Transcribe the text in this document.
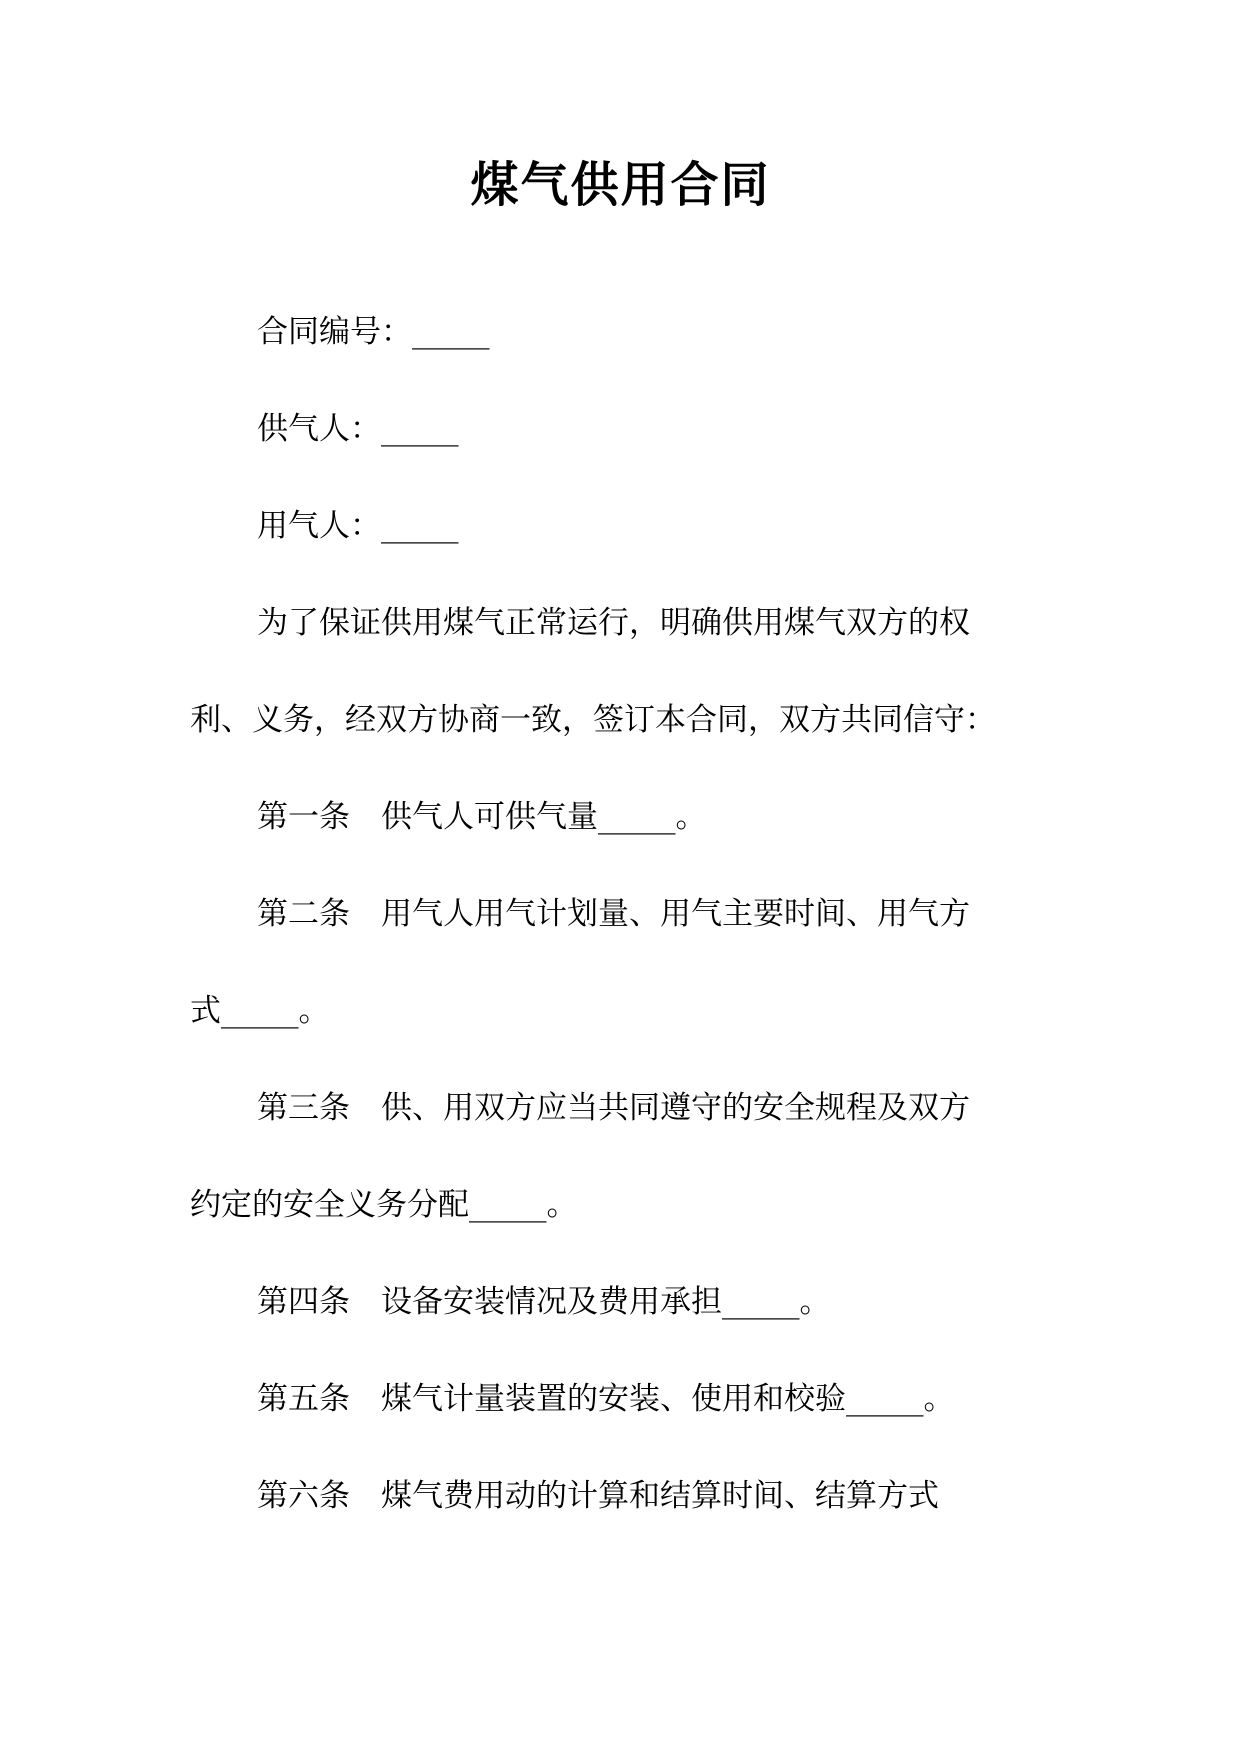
煤气供用合同

合同编号：_____

供气人：_____

用气人：_____

为了保证供用煤气正常运行，明确供用煤气双方的权

利、义务，经双方协商一致，签订本合同，双方共同信守：

第一条　供气人可供气量_____。

第二条　用气人用气计划量、用气主要时间、用气方

式_____。

第三条　供、用双方应当共同遵守的安全规程及双方

约定的安全义务分配_____。

第四条　设备安装情况及费用承担_____。

第五条　煤气计量装置的安装、使用和校验_____。

第六条　煤气费用动的计算和结算时间、结算方式
